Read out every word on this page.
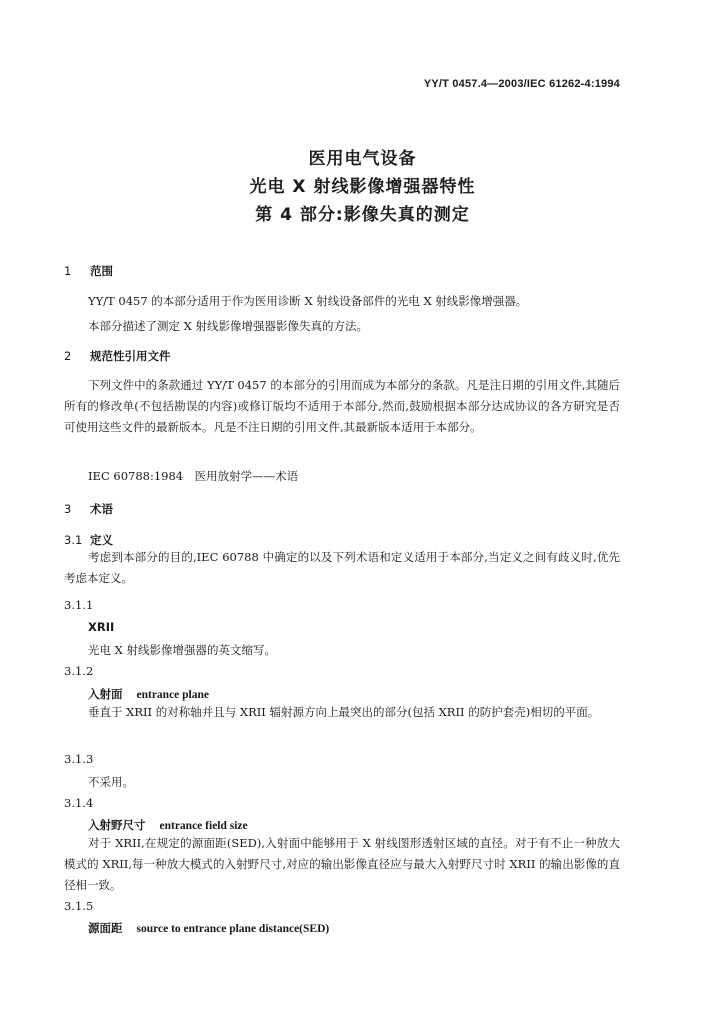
YY/T 0457.4—2003/IEC 61262-4:1994
医用电气设备
光电 X 射线影像增强器特性
第 4 部分:影像失真的测定
1 范围
YY/T 0457 的本部分适用于作为医用诊断 X 射线设备部件的光电 X 射线影像增强器。
本部分描述了测定 X 射线影像增强器影像失真的方法。
2 规范性引用文件
下列文件中的条款通过 YY/T 0457 的本部分的引用而成为本部分的条款。凡是注日期的引用文件,其随后所有的修改单(不包括勘误的内容)或修订版均不适用于本部分,然而,鼓励根据本部分达成协议的各方研究是否可使用这些文件的最新版本。凡是不注日期的引用文件,其最新版本适用于本部分。
IEC 60788:1984　医用放射学——术语
3 术语
3.1 定义
考虑到本部分的目的,IEC 60788 中确定的以及下列术语和定义适用于本部分,当定义之间有歧义时,优先考虑本定义。
3.1.1
XRII
光电 X 射线影像增强器的英文缩写。
3.1.2
入射面 entrance plane
垂直于 XRII 的对称轴并且与 XRII 辐射源方向上最突出的部分(包括 XRII 的防护套壳)相切的平面。
3.1.3
不采用。
3.1.4
入射野尺寸 entrance field size
对于 XRII,在规定的源面距(SED),入射面中能够用于 X 射线图形透射区域的直径。对于有不止一种放大模式的 XRII,每一种放大模式的入射野尺寸,对应的输出影像直径应与最大入射野尺寸时 XRII 的输出影像的直径相一致。
3.1.5
源面距 source to entrance plane distance(SED)
